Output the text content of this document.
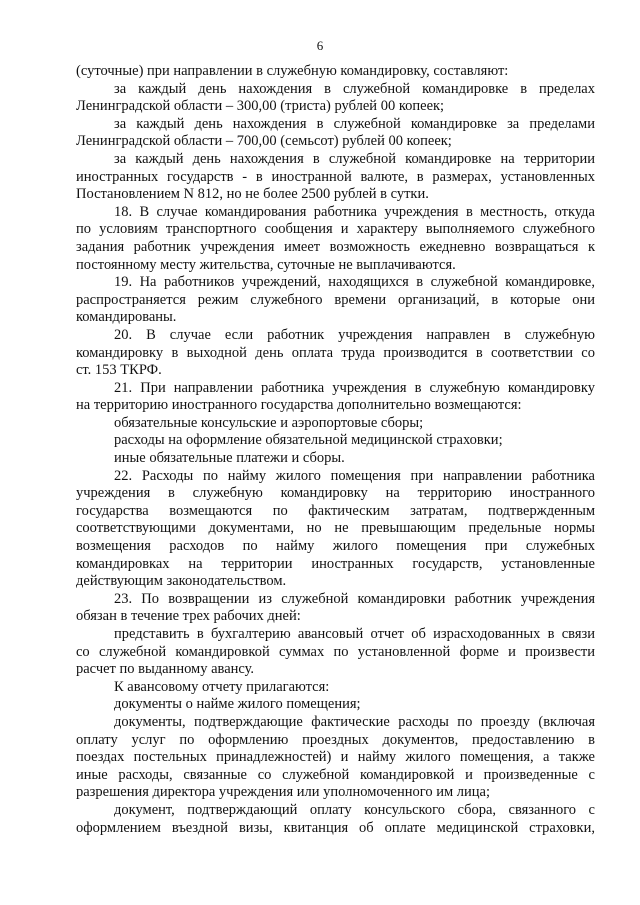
6
(суточные) при направлении в служебную командировку, составляют:
за каждый день нахождения в служебной командировке в пределах
Ленинградской области – 300,00 (триста) рублей 00 копеек;
за каждый день нахождения в служебной командировке за пределами
Ленинградской области – 700,00 (семьсот) рублей 00 копеек;
за каждый день нахождения в служебной командировке на территории
иностранных государств - в иностранной валюте, в размерах, установленных
Постановлением N 812, но не более 2500 рублей в сутки.
18. В случае командирования работника учреждения в местность, откуда
по условиям транспортного сообщения и характеру выполняемого служебного
задания работник учреждения имеет возможность ежедневно возвращаться к
постоянному месту жительства, суточные не выплачиваются.
19. На работников учреждений, находящихся в служебной командировке,
распространяется режим служебного времени организаций, в которые они
командированы.
20. В случае если работник учреждения направлен в служебную
командировку в выходной день оплата труда производится в соответствии со
ст. 153 ТКРФ.
21. При направлении работника учреждения в служебную командировку
на территорию иностранного государства дополнительно возмещаются:
обязательные консульские и аэропортовые сборы;
расходы на оформление обязательной медицинской страховки;
иные обязательные платежи и сборы.
22. Расходы по найму жилого помещения при направлении работника
учреждения в служебную командировку на территорию иностранного
государства возмещаются по фактическим затратам, подтвержденным
соответствующими документами, но не превышающим предельные нормы
возмещения расходов по найму жилого помещения при служебных
командировках на территории иностранных государств, установленные
действующим законодательством.
23. По возвращении из служебной командировки работник учреждения
обязан в течение трех рабочих дней:
представить в бухгалтерию авансовый отчет об израсходованных в связи
со служебной командировкой суммах по установленной форме и произвести
расчет по выданному авансу.
К авансовому отчету прилагаются:
документы о найме жилого помещения;
документы, подтверждающие фактические расходы по проезду (включая
оплату услуг по оформлению проездных документов, предоставлению в
поездах постельных принадлежностей) и найму жилого помещения, а также
иные расходы, связанные со служебной командировкой и произведенные с
разрешения директора учреждения или уполномоченного им лица;
документ, подтверждающий оплату консульского сбора, связанного с
оформлением въездной визы, квитанция об оплате медицинской страховки,
